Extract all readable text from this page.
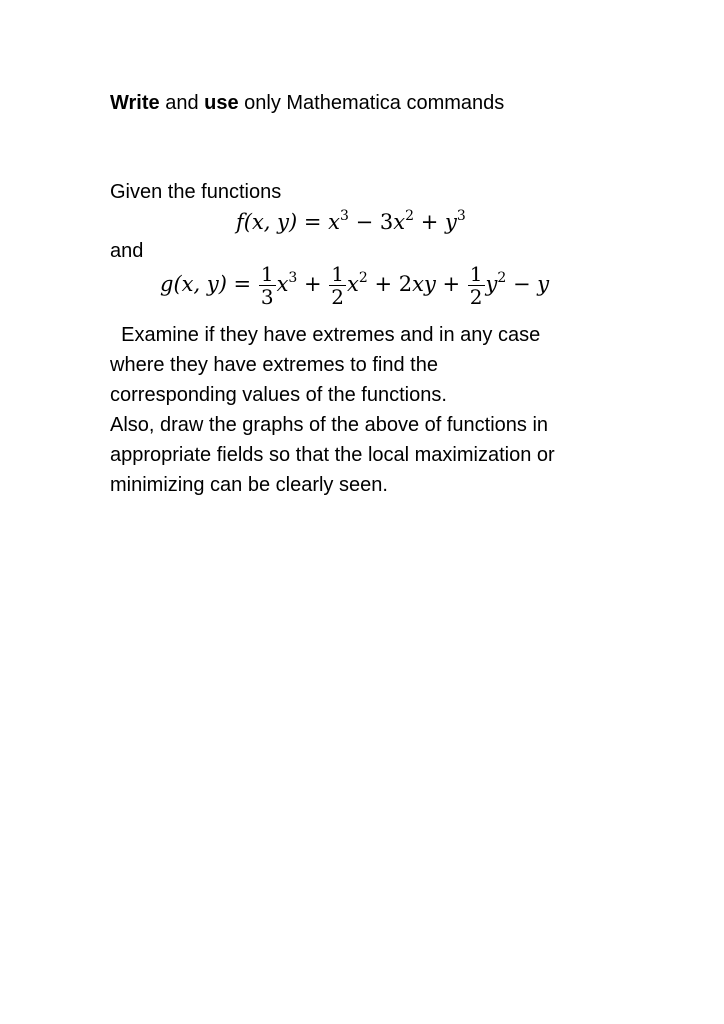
Write and use only Mathematica commands
Given the functions
f(x, $y) = x^3 - 3x^2 + y^3$
and
g(x, $y) = \frac{1}{3} x^3 + \frac{1}{2} x^2 + 2xy + \frac{1}{2} y^2 - y$
Examine if they have extremes and in any case
where they have extremes to find the
corresponding values of the functions.
Also, draw the graphs of the above of functions in
appropriate fields so that the local maximization or
minimizing can be clearly seen.
